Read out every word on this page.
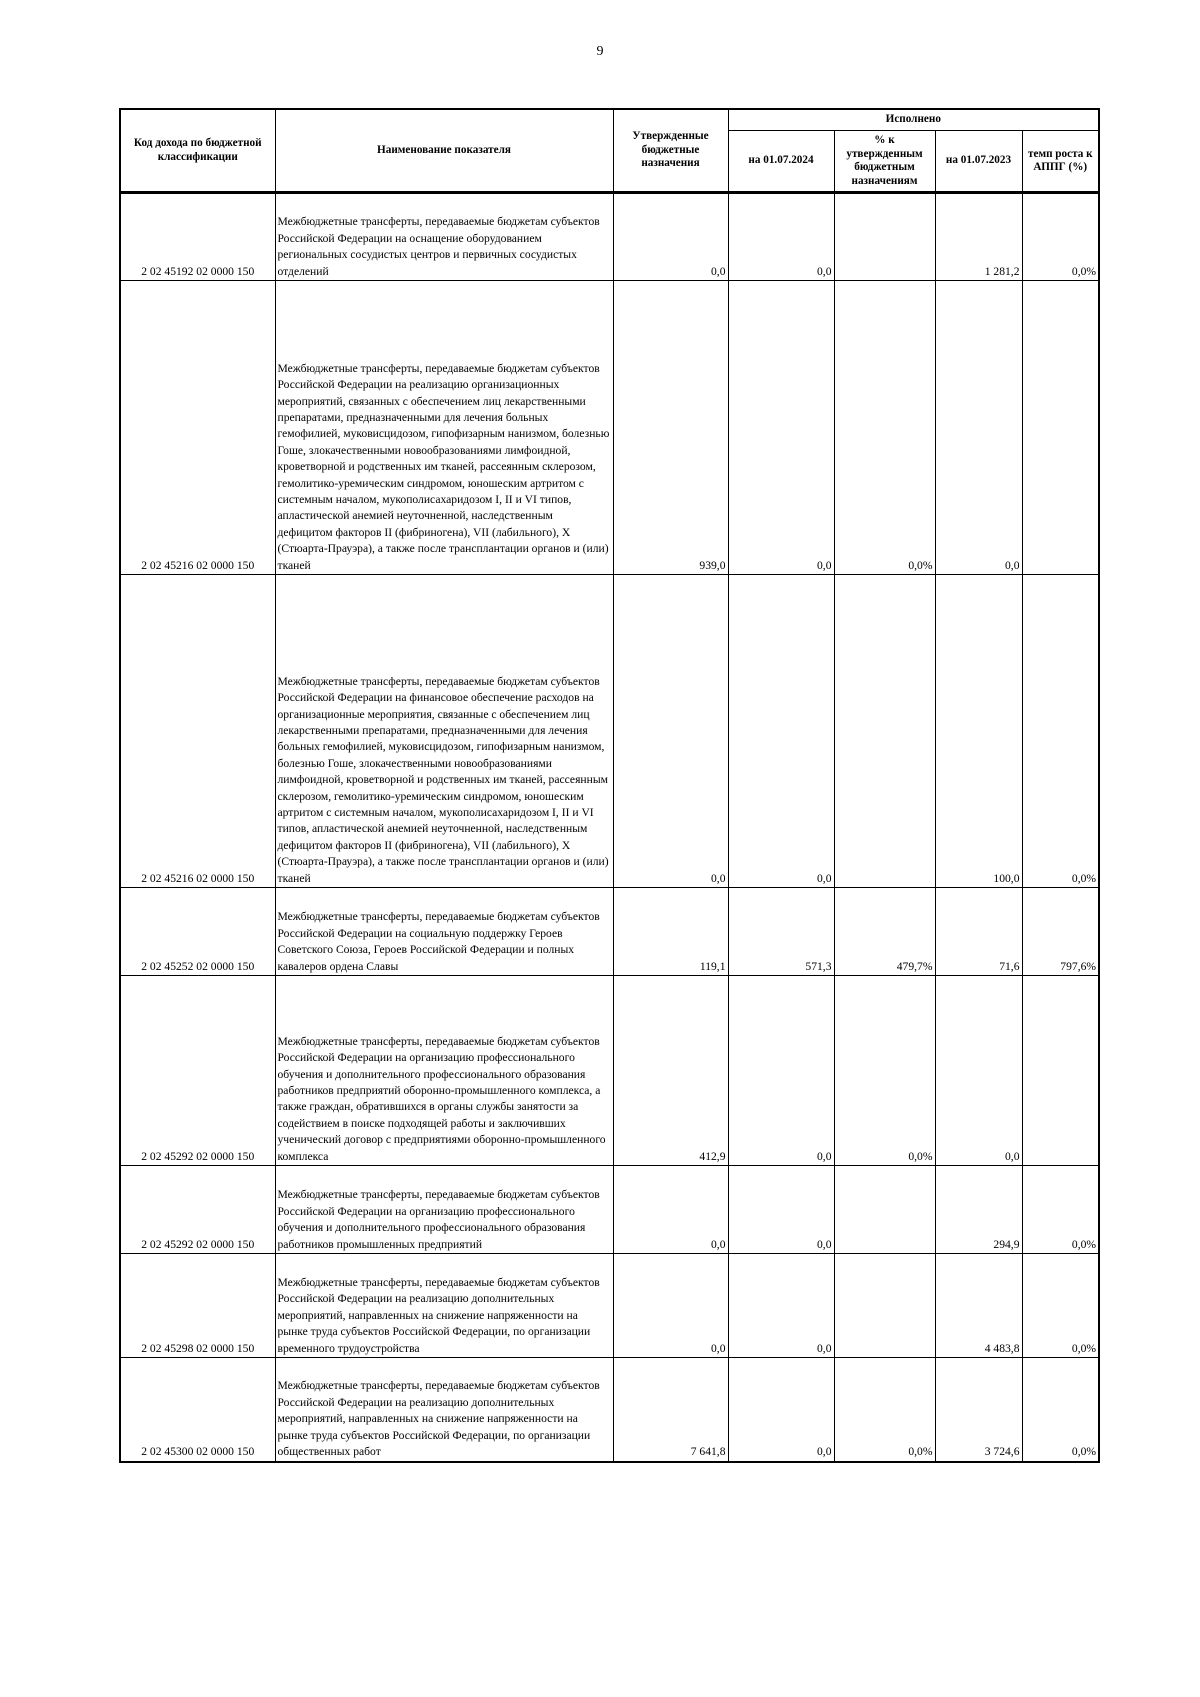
9
Код дохода по бюджетной классификации	Наименование показателя	Утвержденные бюджетные назначения	Исполнено			
			на 01.07.2024	% к утвержденным бюджетным назначениям	на 01.07.2023	темп роста к АППГ (%)
2 02 45192 02 0000 150	Межбюджетные трансферты, передаваемые бюджетам субъектов Российской Федерации на оснащение оборудованием региональных сосудистых центров и первичных сосудистых отделений	0,0	0,0		1 281,2	0,0%
2 02 45216 02 0000 150	Межбюджетные трансферты, передаваемые бюджетам субъектов Российской Федерации на реализацию организационных мероприятий, связанных с обеспечением лиц лекарственными препаратами, предназначенными для лечения больных гемофилией, муковисцидозом, гипофизарным нанизмом, болезнью Гоше, злокачественными новообразованиями лимфоидной, кроветворной и родственных им тканей, рассеянным склерозом, гемолитико-уремическим синдромом, юношеским артритом с системным началом, мукополисахаридозом I, II и VI типов, апластической анемией неуточненной, наследственным дефицитом факторов II (фибриногена), VII (лабильного), X (Стюарта-Прауэра), а также после трансплантации органов и (или) тканей	939,0	0,0	0,0%	0,0	
2 02 45216 02 0000 150	Межбюджетные трансферты, передаваемые бюджетам субъектов Российской Федерации на финансовое обеспечение расходов на организационные мероприятия, связанные с обеспечением лиц лекарственными препаратами, предназначенными для лечения больных гемофилией, муковисцидозом, гипофизарным нанизмом, болезнью Гоше, злокачественными новообразованиями лимфоидной, кроветворной и родственных им тканей, рассеянным склерозом, гемолитико-уремическим синдромом, юношеским артритом с системным началом, мукополисахаридозом I, II и VI типов, апластической анемией неуточненной, наследственным дефицитом факторов II (фибриногена), VII (лабильного), X (Стюарта-Прауэра), а также после трансплантации органов и (или) тканей	0,0	0,0		100,0	0,0%
2 02 45252 02 0000 150	Межбюджетные трансферты, передаваемые бюджетам субъектов Российской Федерации на социальную поддержку Героев Советского Союза, Героев Российской Федерации и полных кавалеров ордена Славы	119,1	571,3	479,7%	71,6	797,6%
2 02 45292 02 0000 150	Межбюджетные трансферты, передаваемые бюджетам субъектов Российской Федерации на организацию профессионального обучения и дополнительного профессионального образования работников предприятий оборонно-промышленного комплекса, а также граждан, обратившихся в органы службы занятости за содействием в поиске подходящей работы и заключивших ученический договор с предприятиями оборонно-промышленного комплекса	412,9	0,0	0,0%	0,0	
2 02 45292 02 0000 150	Межбюджетные трансферты, передаваемые бюджетам субъектов Российской Федерации на организацию профессионального обучения и дополнительного профессионального образования работников промышленных предприятий	0,0	0,0		294,9	0,0%
2 02 45298 02 0000 150	Межбюджетные трансферты, передаваемые бюджетам субъектов Российской Федерации на реализацию дополнительных мероприятий, направленных на снижение напряженности на рынке труда субъектов Российской Федерации, по организации временного трудоустройства	0,0	0,0		4 483,8	0,0%
2 02 45300 02 0000 150	Межбюджетные трансферты, передаваемые бюджетам субъектов Российской Федерации на реализацию дополнительных мероприятий, направленных на снижение напряженности на рынке труда субъектов Российской Федерации, по организации общественных работ	7 641,8	0,0	0,0%	3 724,6	0,0%
